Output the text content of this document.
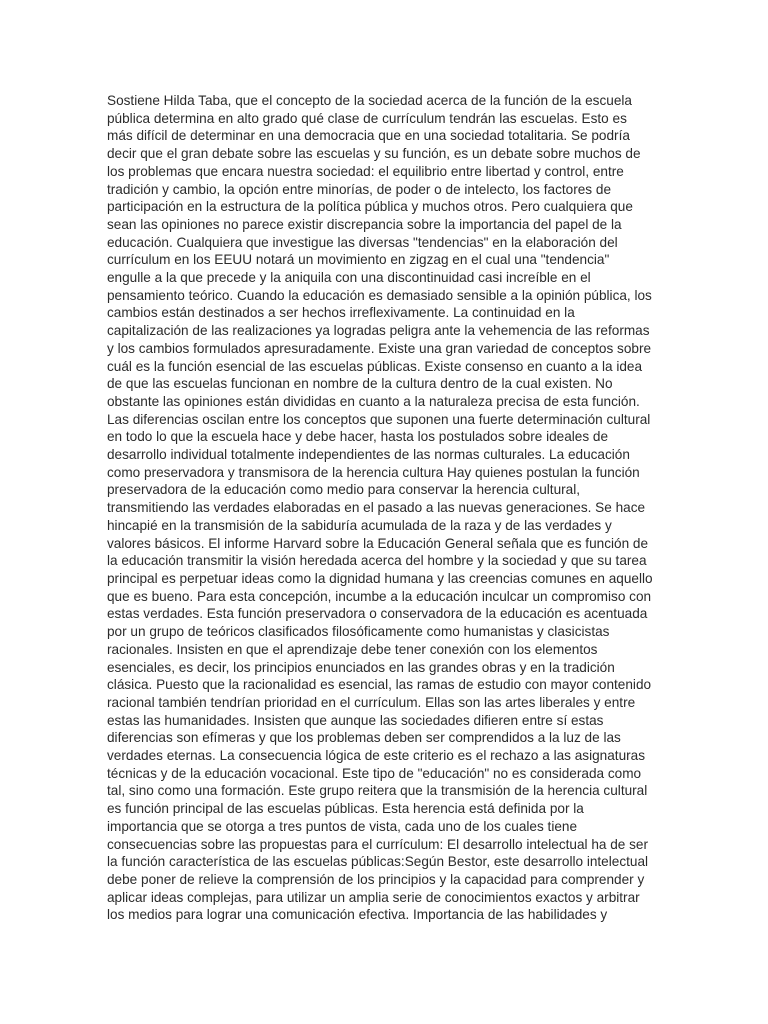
Sostiene Hilda Taba, que el concepto de la sociedad acerca de la función de la escuela
pública determina en alto grado qué clase de currículum tendrán las escuelas. Esto es
más difícil de determinar en una democracia que en una sociedad totalitaria. Se podría
decir que el gran debate sobre las escuelas y su función, es un debate sobre muchos de
los problemas que encara nuestra sociedad: el equilibrio entre libertad y control, entre
tradición y cambio, la opción entre minorías, de poder o de intelecto, los factores de
participación en la estructura de la política pública y muchos otros. Pero cualquiera que
sean las opiniones no parece existir discrepancia sobre la importancia del papel de la
educación. Cualquiera que investigue las diversas "tendencias" en la elaboración del
currículum en los EEUU notará un movimiento en zigzag en el cual una "tendencia"
engulle a la que precede y la aniquila con una discontinuidad casi increíble en el
pensamiento teórico. Cuando la educación es demasiado sensible a la opinión pública, los
cambios están destinados a ser hechos irreflexivamente. La continuidad en la
capitalización de las realizaciones ya logradas peligra ante la vehemencia de las reformas
y los cambios formulados apresuradamente. Existe una gran variedad de conceptos sobre
cuál es la función esencial de las escuelas públicas. Existe consenso en cuanto a la idea
de que las escuelas funcionan en nombre de la cultura dentro de la cual existen. No
obstante las opiniones están divididas en cuanto a la naturaleza precisa de esta función.
Las diferencias oscilan entre los conceptos que suponen una fuerte determinación cultural
en todo lo que la escuela hace y debe hacer, hasta los postulados sobre ideales de
desarrollo individual totalmente independientes de las normas culturales. La educación
como preservadora y transmisora de la herencia cultura Hay quienes postulan la función
preservadora de la educación como medio para conservar la herencia cultural,
transmitiendo las verdades elaboradas en el pasado a las nuevas generaciones. Se hace
hincapié en la transmisión de la sabiduría acumulada de la raza y de las verdades y
valores básicos. El informe Harvard sobre la Educación General señala que es función de
la educación transmitir la visión heredada acerca del hombre y la sociedad y que su tarea
principal es perpetuar ideas como la dignidad humana y las creencias comunes en aquello
que es bueno. Para esta concepción, incumbe a la educación inculcar un compromiso con
estas verdades. Esta función preservadora o conservadora de la educación es acentuada
por un grupo de teóricos clasificados filosóficamente como humanistas y clasicistas
racionales. Insisten en que el aprendizaje debe tener conexión con los elementos
esenciales, es decir, los principios enunciados en las grandes obras y en la tradición
clásica. Puesto que la racionalidad es esencial, las ramas de estudio con mayor contenido
racional también tendrían prioridad en el currículum. Ellas son las artes liberales y entre
estas las humanidades. Insisten que aunque las sociedades difieren entre sí estas
diferencias son efímeras y que los problemas deben ser comprendidos a la luz de las
verdades eternas. La consecuencia lógica de este criterio es el rechazo a las asignaturas
técnicas y de la educación vocacional. Este tipo de "educación" no es considerada como
tal, sino como una formación. Este grupo reitera que la transmisión de la herencia cultural
es función principal de las escuelas públicas. Esta herencia está definida por la
importancia que se otorga a tres puntos de vista, cada uno de los cuales tiene
consecuencias sobre las propuestas para el currículum: El desarrollo intelectual ha de ser
la función característica de las escuelas públicas:Según Bestor, este desarrollo intelectual
debe poner de relieve la comprensión de los principios y la capacidad para comprender y
aplicar ideas complejas, para utilizar un amplia serie de conocimientos exactos y arbitrar
los medios para lograr una comunicación efectiva. Importancia de las habilidades y
